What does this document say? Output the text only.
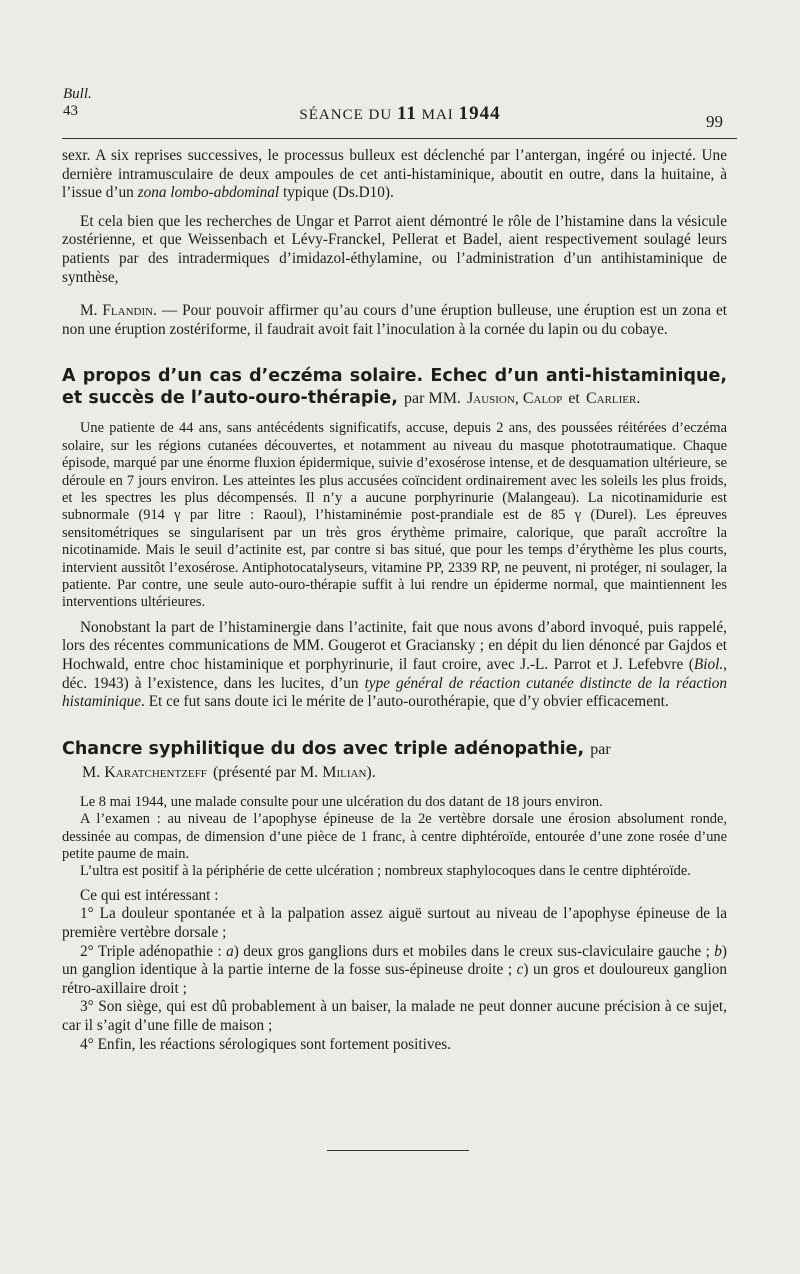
Bull.
43	SÉANCE DU 11 MAI 1944	99

sexr. A six reprises successives, le processus bulleux est déclenché par l’antergan, ingéré ou injecté. Une dernière intramusculaire de deux ampoules de cet anti-histaminique, aboutit en outre, dans la huitaine, à l’issue d’un zona lombo-abdominal typique (Ds.D10).

Et cela bien que les recherches de Ungar et Parrot aient démontré le rôle de l’histamine dans la vésicule zostérienne, et que Weissenbach et Lévy-Franckel, Pellerat et Badel, aient respectivement soulagé leurs patients par des intradermiques d’imidazol-éthylamine, ou l’administration d’un antihistaminique de synthèse,

M. Flandin. — Pour pouvoir affirmer qu’au cours d’une éruption bulleuse, une éruption est un zona et non une éruption zostériforme, il faudrait avoit fait l’inoculation à la cornée du lapin ou du cobaye.

A propos d’un cas d’eczéma solaire. Echec d’un anti-histaminique, et succès de l’auto-ouro-thérapie, par MM. Jausion, Calop et Carlier.

Une patiente de 44 ans, sans antécédents significatifs, accuse, depuis 2 ans, des poussées réitérées d’eczéma solaire, sur les régions cutanées découvertes, et notamment au niveau du masque phototraumatique. Chaque épisode, marqué par une énorme fluxion épidermique, suivie d’exosérose intense, et de desquamation ultérieure, se déroule en 7 jours environ. Les atteintes les plus accusées coïncident ordinairement avec les soleils les plus froids, et les spectres les plus décompensés. Il n’y a aucune porphyrinurie (Malangeau). La nicotinamidurie est subnormale (914 γ par litre : Raoul), l’histaminémie post-prandiale est de 85 γ (Durel). Les épreuves sensitométriques se singularisent par un très gros érythème primaire, calorique, que paraît accroître la nicotinamide. Mais le seuil d’actinite est, par contre si bas situé, que pour les temps d’érythème les plus courts, intervient aussitôt l’exosérose. Antiphotocatalyseurs, vitamine PP, 2339 RP, ne peuvent, ni protéger, ni soulager, la patiente. Par contre, une seule auto-ouro-thérapie suffit à lui rendre un épiderme normal, que maintiennent les interventions ultérieures.

Nonobstant la part de l’histaminergie dans l’actinite, fait que nous avons d’abord invoqué, puis rappelé, lors des récentes communications de MM. Gougerot et Graciansky ; en dépit du lien dénoncé par Gajdos et Hochwald, entre choc histaminique et porphyrinurie, il faut croire, avec J.-L. Parrot et J. Lefebvre (Biol., déc. 1943) à l’existence, dans les lucites, d’un type général de réaction cutanée distincte de la réaction histaminique. Et ce fut sans doute ici le mérite de l’auto-ourothérapie, que d’y obvier efficacement.

Chancre syphilitique du dos avec triple adénopathie, par
M. Karatchentzeff (présenté par M. Milian).

Le 8 mai 1944, une malade consulte pour une ulcération du dos datant de 18 jours environ.

A l’examen : au niveau de l’apophyse épineuse de la 2e vertèbre dorsale une érosion absolument ronde, dessinée au compas, de dimension d’une pièce de 1 franc, à centre diphtéroïde, entourée d’une zone rosée d’une petite paume de main.

L’ultra est positif à la périphérie de cette ulcération ; nombreux staphylocoques dans le centre diphtéroïde.

Ce qui est intéressant :

1° La douleur spontanée et à la palpation assez aiguë surtout au niveau de l’apophyse épineuse de la première vertèbre dorsale ;

2° Triple adénopathie : a) deux gros ganglions durs et mobiles dans le creux sus-claviculaire gauche ; b) un ganglion identique à la partie interne de la fosse sus-épineuse droite ; c) un gros et douloureux ganglion rétro-axillaire droit ;

3° Son siège, qui est dû probablement à un baiser, la malade ne peut donner aucune précision à ce sujet, car il s’agit d’une fille de maison ;

4° Enfin, les réactions sérologiques sont fortement positives.
